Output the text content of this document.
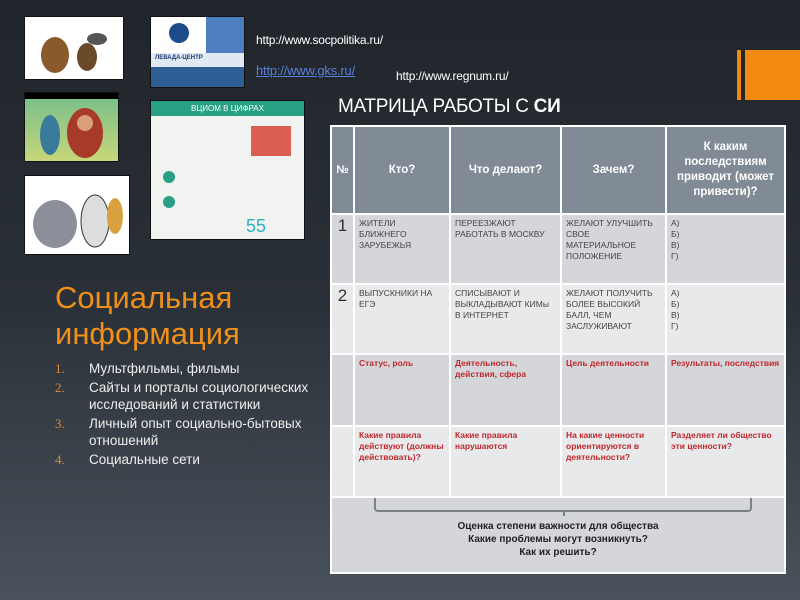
ЛЕВАДА-ЦЕНТР
ВЦИОМ В ЦИФРАХ
55
http://www.socpolitika.ru/
http://www.gks.ru/	http://www.regnum.ru/
МАТРИЦА РАБОТЫ С СИ
Социальная информация
1.	Мультфильмы, фильмы
2.	Сайты и порталы социологических исследований и статистики
3.	Личный опыт социально-бытовых отношений
4.	Социальные сети
№	Кто?	Что делают?	Зачем?	К каким последствиям приводит (может привести)?
1	ЖИТЕЛИ БЛИЖНЕГО ЗАРУБЕЖЬЯ	ПЕРЕЕЗЖАЮТ РАБОТАТЬ В МОСКВУ	ЖЕЛАЮТ УЛУЧШИТЬ СВОЕ МАТЕРИАЛЬНОЕ ПОЛОЖЕНИЕ	А)
Б)
В)
Г)
2	ВЫПУСКНИКИ НА ЕГЭ	СПИСЫВАЮТ И ВЫКЛАДЫВАЮТ КИМы В ИНТЕРНЕТ	ЖЕЛАЮТ ПОЛУЧИТЬ БОЛЕЕ ВЫСОКИЙ БАЛЛ, ЧЕМ ЗАСЛУЖИВАЮТ	А)
Б)
В)
Г)
	Статус, роль	Деятельность, действия, сфера	Цель деятельности	Результаты, последствия
	Какие правила действуют (должны действовать)?	Какие правила нарушаются	На какие ценности ориентируются в деятельности?	Разделяет ли общество эти ценности?

Оценка степени важности для общества
Какие проблемы могут возникнуть?
Как их решить?				
